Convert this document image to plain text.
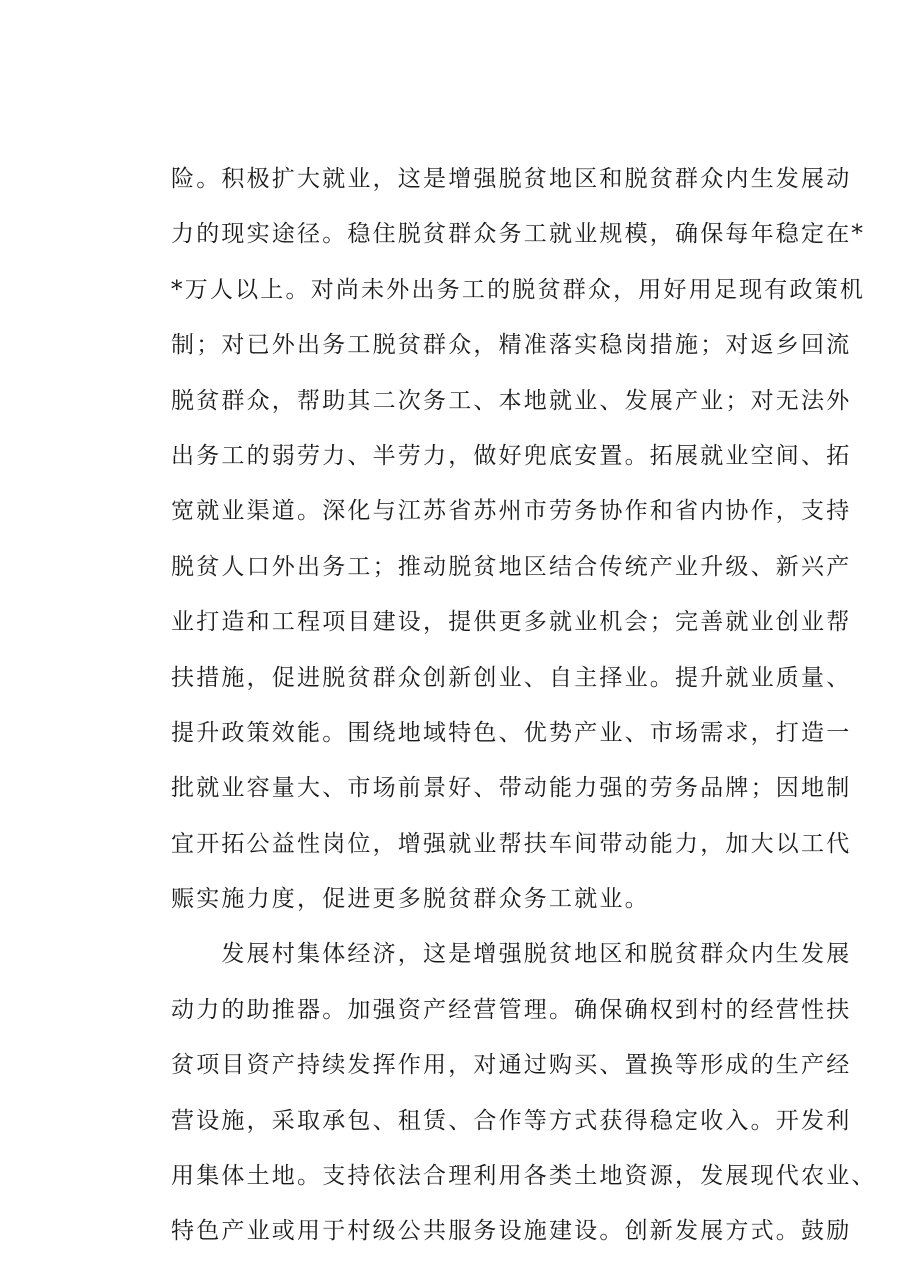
险。积极扩大就业，这是增强脱贫地区和脱贫群众内生发展动
力的现实途径。稳住脱贫群众务工就业规模，确保每年稳定在*
*万人以上。对尚未外出务工的脱贫群众，用好用足现有政策机
制；对已外出务工脱贫群众，精准落实稳岗措施；对返乡回流
脱贫群众，帮助其二次务工、本地就业、发展产业；对无法外
出务工的弱劳力、半劳力，做好兜底安置。拓展就业空间、拓
宽就业渠道。深化与江苏省苏州市劳务协作和省内协作，支持
脱贫人口外出务工；推动脱贫地区结合传统产业升级、新兴产
业打造和工程项目建设，提供更多就业机会；完善就业创业帮
扶措施，促进脱贫群众创新创业、自主择业。提升就业质量、
提升政策效能。围绕地域特色、优势产业、市场需求，打造一
批就业容量大、市场前景好、带动能力强的劳务品牌；因地制
宜开拓公益性岗位，增强就业帮扶车间带动能力，加大以工代
赈实施力度，促进更多脱贫群众务工就业。
　　发展村集体经济，这是增强脱贫地区和脱贫群众内生发展
动力的助推器。加强资产经营管理。确保确权到村的经营性扶
贫项目资产持续发挥作用，对通过购买、置换等形成的生产经
营设施，采取承包、租赁、合作等方式获得稳定收入。开发利
用集体土地。支持依法合理利用各类土地资源，发展现代农业、
特色产业或用于村级公共服务设施建设。创新发展方式。鼓励
